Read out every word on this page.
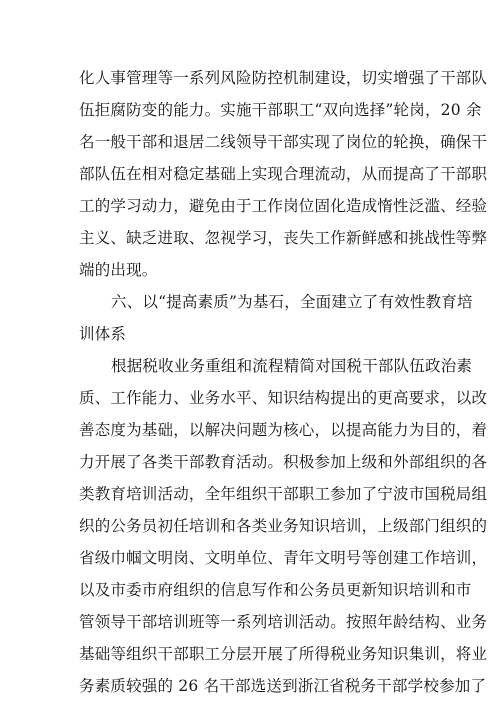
化人事管理等一系列风险防控机制建设，切实增强了干部队
伍拒腐防变的能力。实施干部职工“双向选择”轮岗，20 余
名一般干部和退居二线领导干部实现了岗位的轮换，确保干
部队伍在相对稳定基础上实现合理流动，从而提高了干部职
工的学习动力，避免由于工作岗位固化造成惰性泛滥、经验
主义、缺乏进取、忽视学习，丧失工作新鲜感和挑战性等弊
端的出现。
六、以“提高素质”为基石，全面建立了有效性教育培
训体系
根据税收业务重组和流程精简对国税干部队伍政治素
质、工作能力、业务水平、知识结构提出的更高要求，以改
善态度为基础，以解决问题为核心，以提高能力为目的，着
力开展了各类干部教育活动。积极参加上级和外部组织的各
类教育培训活动，全年组织干部职工参加了宁波市国税局组
织的公务员初任培训和各类业务知识培训，上级部门组织的
省级巾帼文明岗、文明单位、青年文明号等创建工作培训，
以及市委市府组织的信息写作和公务员更新知识培训和市
管领导干部培训班等一系列培训活动。按照年龄结构、业务
基础等组织干部职工分层开展了所得税业务知识集训，将业
务素质较强的 26 名干部选送到浙江省税务干部学校参加了
